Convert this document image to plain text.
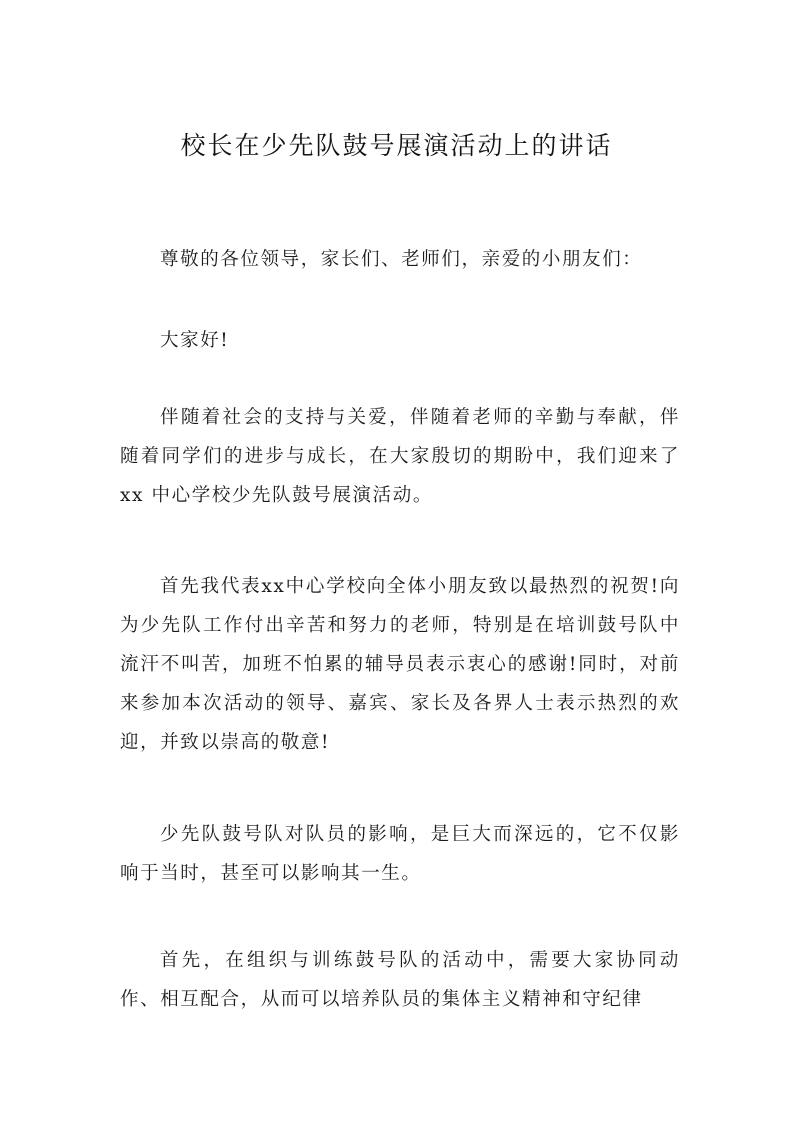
校长在少先队鼓号展演活动上的讲话

尊敬的各位领导，家长们、老师们，亲爱的小朋友们：

大家好!

伴随着社会的支持与关爱，伴随着老师的辛勤与奉献，伴随着同学们的进步与成长，在大家殷切的期盼中，我们迎来了 xx 中心学校少先队鼓号展演活动。

首先我代表xx中心学校向全体小朋友致以最热烈的祝贺!向为少先队工作付出辛苦和努力的老师，特别是在培训鼓号队中流汗不叫苦，加班不怕累的辅导员表示衷心的感谢!同时，对前来参加本次活动的领导、嘉宾、家长及各界人士表示热烈的欢迎，并致以崇高的敬意!

少先队鼓号队对队员的影响，是巨大而深远的，它不仅影响于当时，甚至可以影响其一生。

首先，在组织与训练鼓号队的活动中，需要大家协同动作、相互配合，从而可以培养队员的集体主义精神和守纪律
